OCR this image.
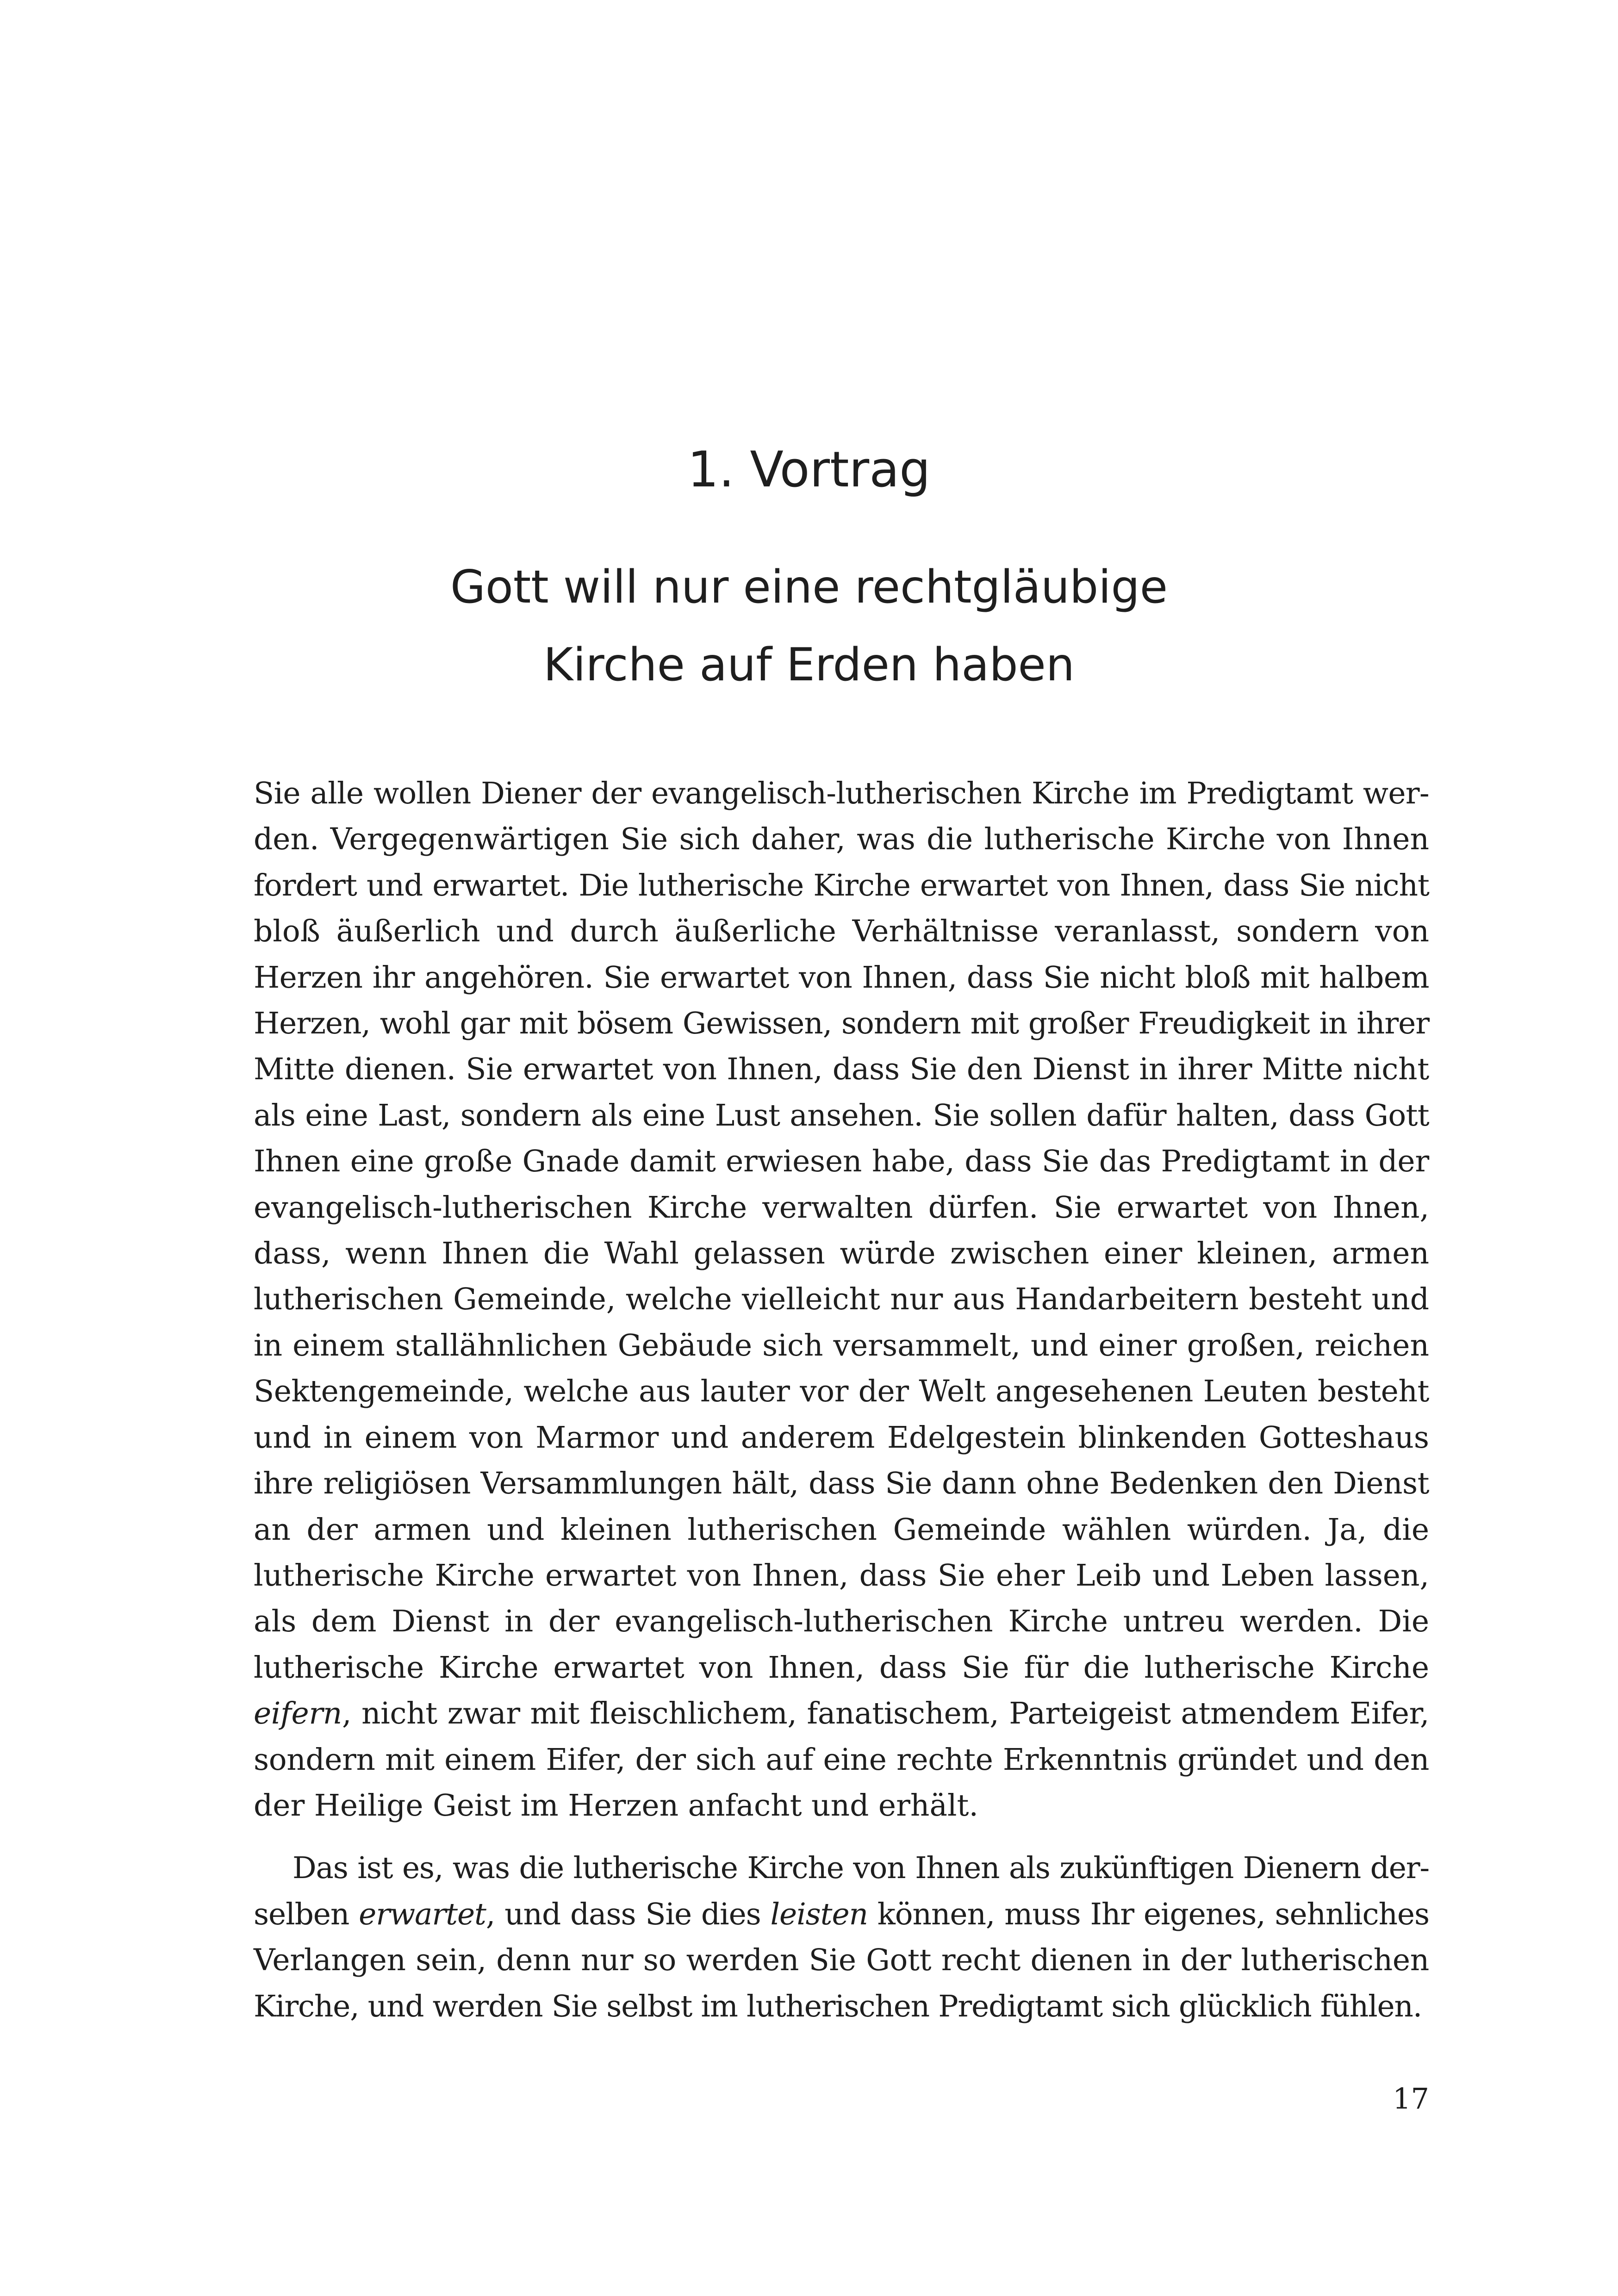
1. Vortrag
Gott will nur eine rechtgläubige
Kirche auf Erden haben

Sie alle wollen Diener der evangelisch-lutherischen Kirche im Predigtamt wer-
den. Vergegenwärtigen Sie sich daher, was die lutherische Kirche von Ihnen
fordert und erwartet. Die lutherische Kirche erwartet von Ihnen, dass Sie nicht
bloß äußerlich und durch äußerliche Verhältnisse veranlasst, sondern von
Herzen ihr angehören. Sie erwartet von Ihnen, dass Sie nicht bloß mit halbem
Herzen, wohl gar mit bösem Gewissen, sondern mit großer Freudigkeit in ihrer
Mitte dienen. Sie erwartet von Ihnen, dass Sie den Dienst in ihrer Mitte nicht
als eine Last, sondern als eine Lust ansehen. Sie sollen dafür halten, dass Gott
Ihnen eine große Gnade damit erwiesen habe, dass Sie das Predigtamt in der
evangelisch-lutherischen Kirche verwalten dürfen. Sie erwartet von Ihnen,
dass, wenn Ihnen die Wahl gelassen würde zwischen einer kleinen, armen
lutherischen Gemeinde, welche vielleicht nur aus Handarbeitern besteht und
in einem stallähnlichen Gebäude sich versammelt, und einer großen, reichen
Sektengemeinde, welche aus lauter vor der Welt angesehenen Leuten besteht
und in einem von Marmor und anderem Edelgestein blinkenden Gotteshaus
ihre religiösen Versammlungen hält, dass Sie dann ohne Bedenken den Dienst
an der armen und kleinen lutherischen Gemeinde wählen würden. Ja, die
lutherische Kirche erwartet von Ihnen, dass Sie eher Leib und Leben lassen,
als dem Dienst in der evangelisch-lutherischen Kirche untreu werden. Die
lutherische Kirche erwartet von Ihnen, dass Sie für die lutherische Kirche
eifern, nicht zwar mit fleischlichem, fanatischem, Parteigeist atmendem Eifer,
sondern mit einem Eifer, der sich auf eine rechte Erkenntnis gründet und den
der Heilige Geist im Herzen anfacht und erhält.

Das ist es, was die lutherische Kirche von Ihnen als zukünftigen Dienern der-
selben erwartet, und dass Sie dies leisten können, muss Ihr eigenes, sehnliches
Verlangen sein, denn nur so werden Sie Gott recht dienen in der lutherischen
Kirche, und werden Sie selbst im lutherischen Predigtamt sich glücklich fühlen.

17
